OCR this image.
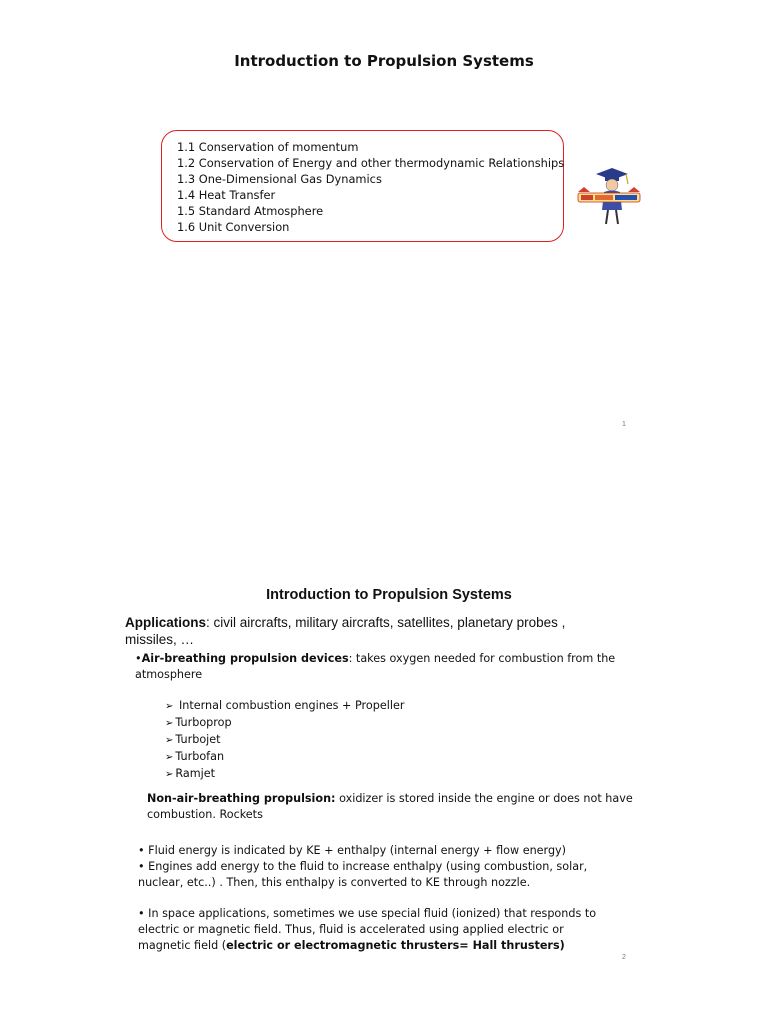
Introduction to Propulsion Systems
1.1 Conservation of momentum
1.2 Conservation of Energy and other thermodynamic Relationships
1.3 One-Dimensional Gas Dynamics
1.4 Heat Transfer
1.5 Standard Atmosphere
1.6 Unit Conversion
1
Introduction to Propulsion Systems
Applications: civil aircrafts, military aircrafts, satellites, planetary probes , missiles, …
•Air-breathing propulsion devices: takes oxygen needed for combustion from the atmosphere
➢ Internal combustion engines + Propeller
➢ Turboprop
➢ Turbojet
➢ Turbofan
➢ Ramjet
Non-air-breathing propulsion: oxidizer is stored inside the engine or does not have combustion. Rockets
• Fluid energy is indicated by KE + enthalpy (internal energy + flow energy)
• Engines add energy to the fluid to increase enthalpy (using combustion, solar, nuclear, etc..) . Then, this enthalpy is converted to KE through nozzle.
• In space applications, sometimes we use special fluid (ionized) that responds to electric or magnetic field. Thus, fluid is accelerated using applied electric or magnetic field (electric or electromagnetic thrusters= Hall thrusters)
2
